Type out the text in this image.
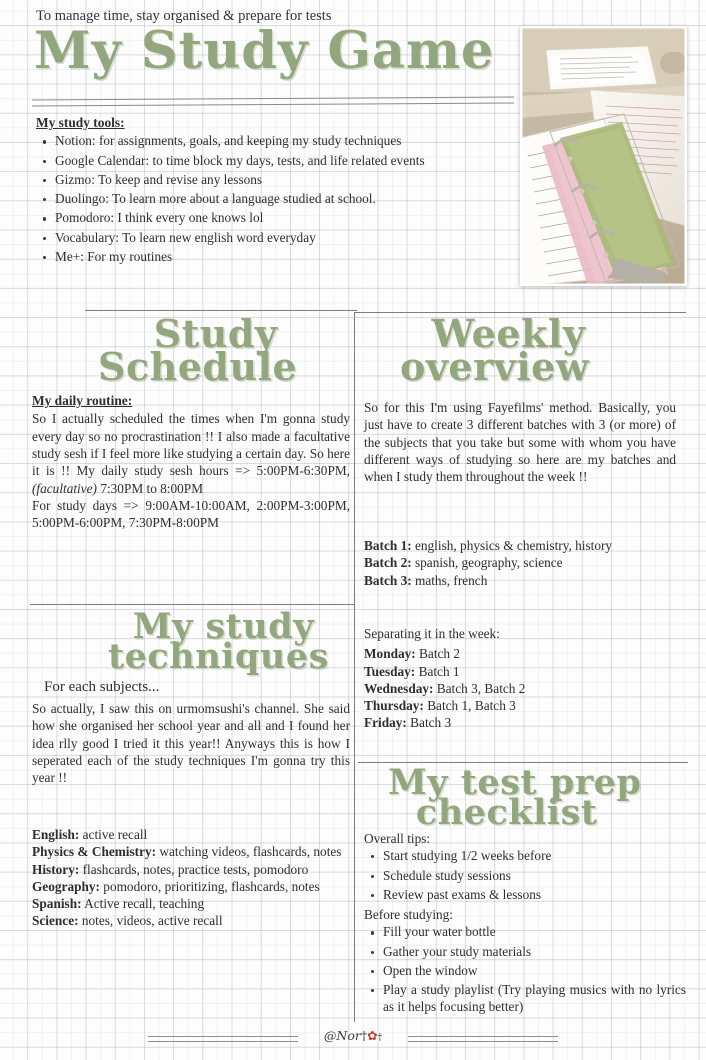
To manage time, stay organised & prepare for tests
My Study Game
My study tools:
Notion: for assignments, goals, and keeping my study techniques
Google Calendar: to time block my days, tests, and life related events
Gizmo: To keep and revise any lessons
Duolingo: To learn more about a language studied at school.
Pomodoro: I think every one knows lol
Vocabulary: To learn new english word everyday
Me+: For my routines
Study
Schedule
My daily routine:
So I actually scheduled the times when I'm gonna study every day so no procrastination !! I also made a facultative study sesh if I feel more like studying a certain day. So here it is !! My daily study sesh hours => 5:00PM-6:30PM, (facultative) 7:30PM to 8:00PM
For study days => 9:00AM-10:00AM, 2:00PM-3:00PM, 5:00PM-6:00PM, 7:30PM-8:00PM
Weekly
overview
So for this I'm using Fayefilms' method. Basically, you just have to create 3 different batches with 3 (or more) of the subjects that you take but some with whom you have different ways of studying so here are my batches and when I study them throughout the week !!
Batch 1: english, physics & chemistry, history
Batch 2: spanish, geography, science
Batch 3: maths, french
Separating it in the week:
Monday: Batch 2
Tuesday: Batch 1
Wednesday: Batch 3, Batch 2
Thursday: Batch 1, Batch 3
Friday: Batch 3
My study
techniques
For each subjects...
So actually, I saw this on urmomsushi's channel. She said how she organised her school year and all and I found her idea rlly good I tried it this year!! Anyways this is how I seperated each of the study techniques I'm gonna try this year !!
English: active recall
Physics & Chemistry: watching videos, flashcards, notes
History: flashcards, notes, practice tests, pomodoro
Geography: pomodoro, prioritizing, flashcards, notes
Spanish: Active recall, teaching
Science: notes, videos, active recall
My test prep
checklist
Overall tips:
Start studying 1/2 weeks before
Schedule study sessions
Review past exams & lessons
Before studying:
Fill your water bottle
Gather your study materials
Open the window
Play a study playlist (Try playing musics with no lyrics as it helps focusing better)
@Nor†✿†
